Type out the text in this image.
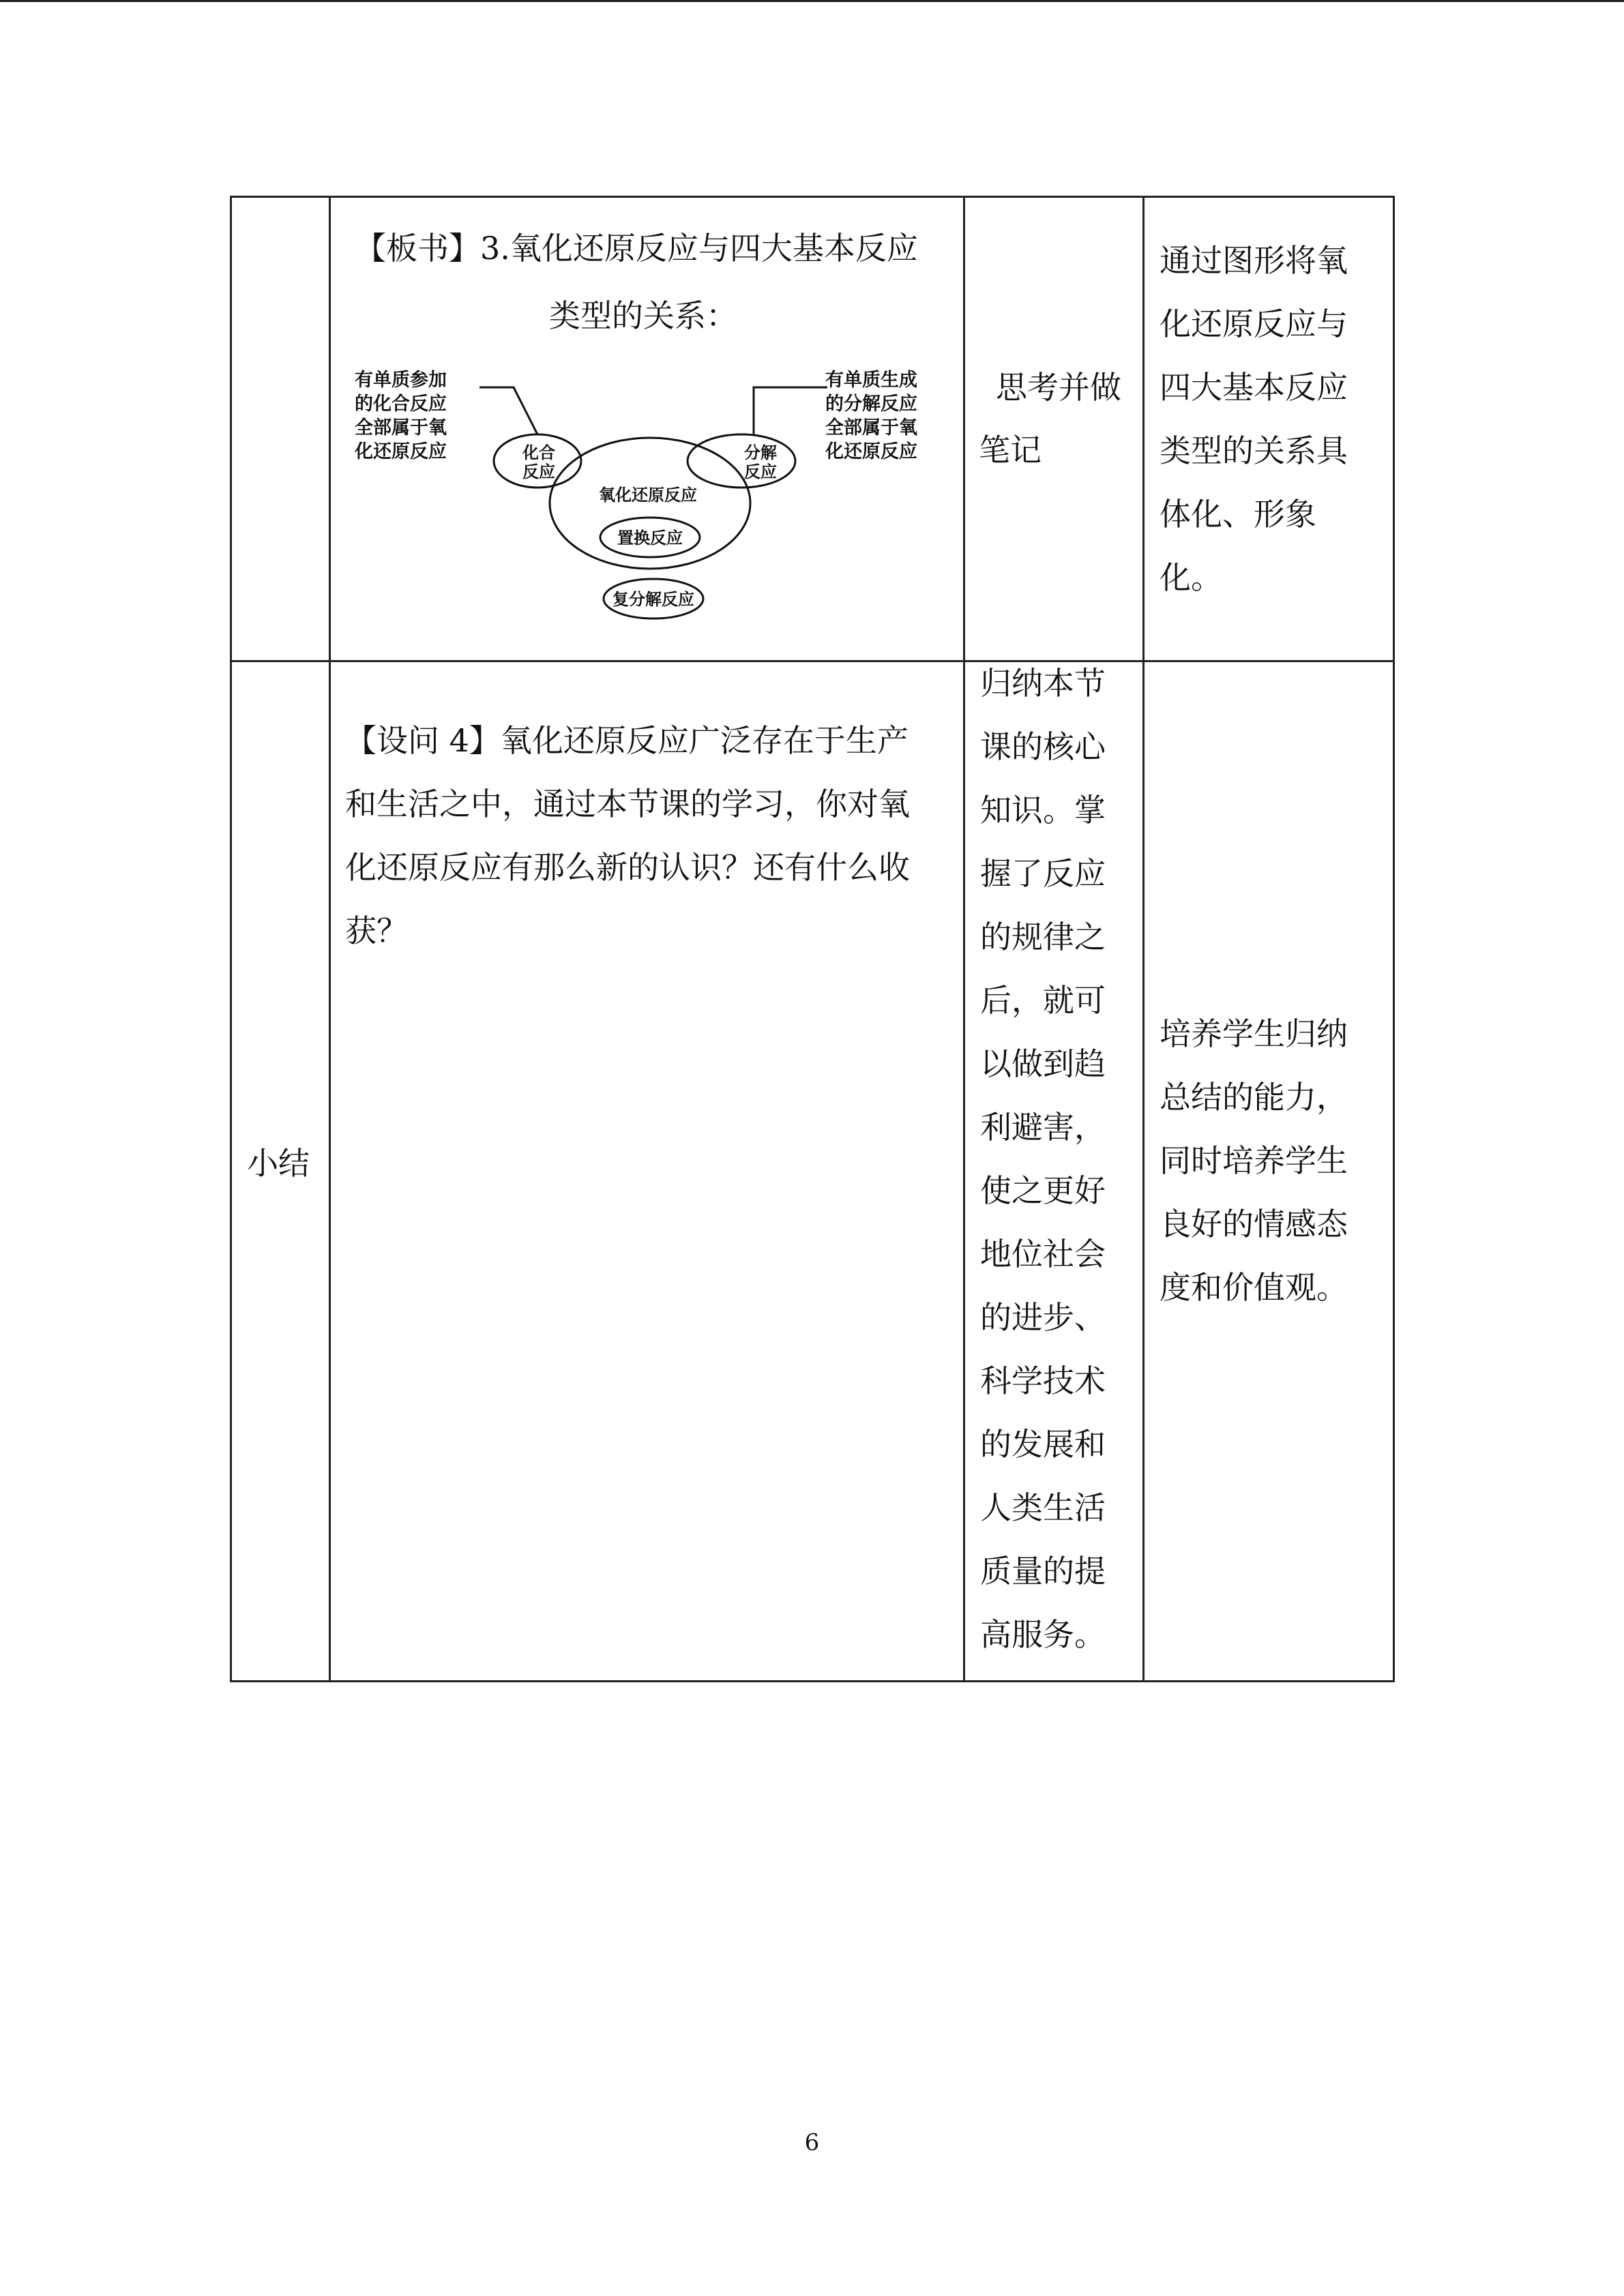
【板书】3.氧化还原反应与四大基本反应
类型的关系：
有单质参加
的化合反应
全部属于氧
化还原反应
有单质生成
的分解反应
全部属于氧
化还原反应
化合
反应
分解
反应
氧化还原反应
置换反应
复分解反应
思考并做
笔记
通过图形将氧
化还原反应与
四大基本反应
类型的关系具
体化、形象
化。
小结
【设问 4】氧化还原反应广泛存在于生产
和生活之中，通过本节课的学习，你对氧
化还原反应有那么新的认识？还有什么收
获？
归纳本节
课的核心
知识。掌
握了反应
的规律之
后，就可
以做到趋
利避害，
使之更好
地位社会
的进步、
科学技术
的发展和
人类生活
质量的提
高服务。
培养学生归纳
总结的能力，
同时培养学生
良好的情感态
度和价值观。
6
